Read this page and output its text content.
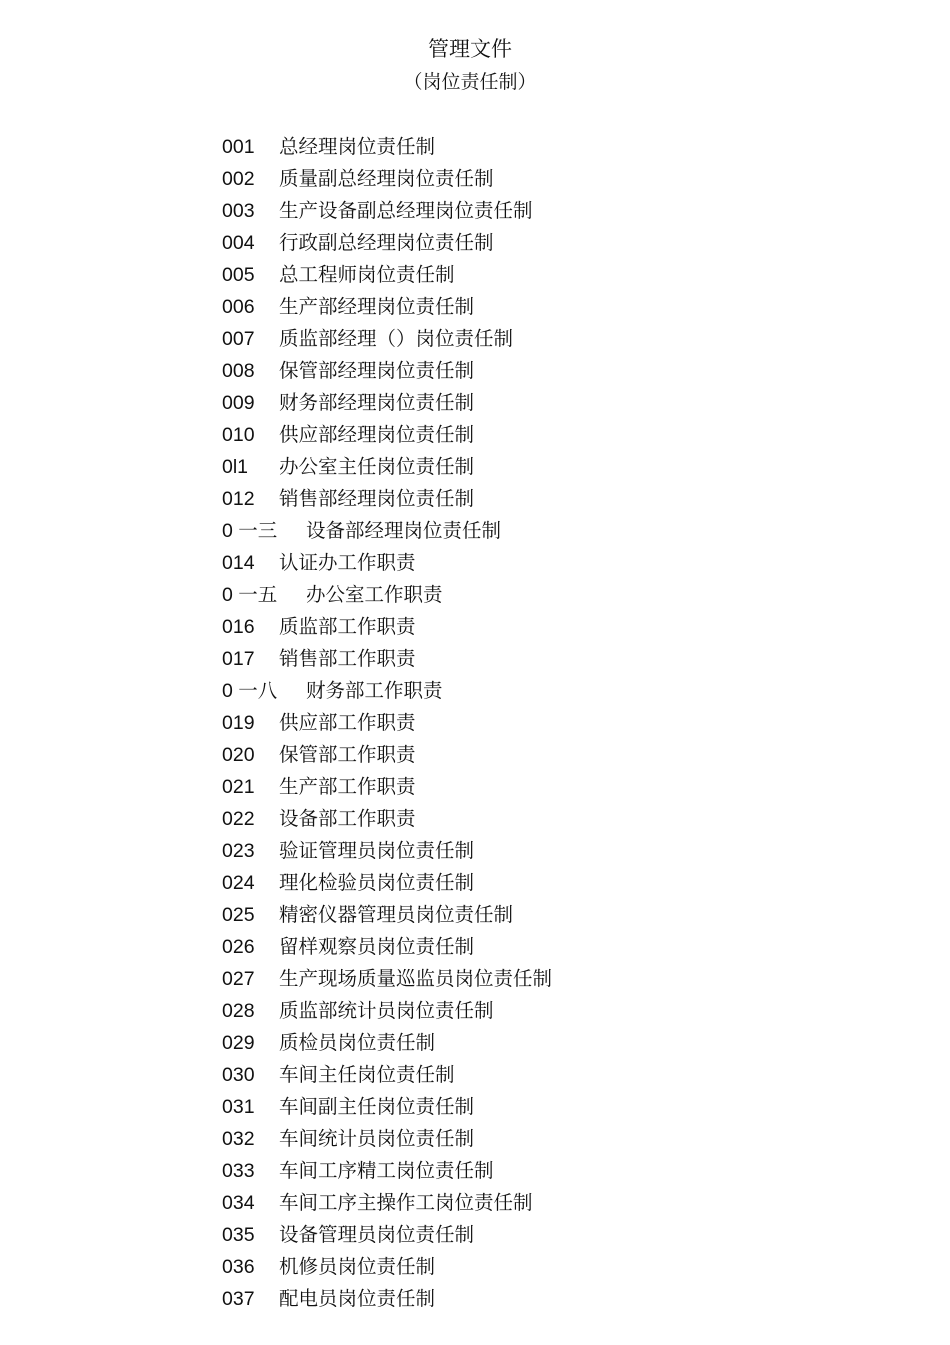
管理文件
（岗位责任制）
001 总经理岗位责任制
002 质量副总经理岗位责任制
003 生产设备副总经理岗位责任制
004 行政副总经理岗位责任制
005 总工程师岗位责任制
006 生产部经理岗位责任制
007 质监部经理（）岗位责任制
008 保管部经理岗位责任制
009 财务部经理岗位责任制
010 供应部经理岗位责任制
0l1 办公室主任岗位责任制
012 销售部经理岗位责任制
0 一三 设备部经理岗位责任制
014 认证办工作职责
0 一五 办公室工作职责
016 质监部工作职责
017 销售部工作职责
0 一八 财务部工作职责
019 供应部工作职责
020 保管部工作职责
021 生产部工作职责
022 设备部工作职责
023 验证管理员岗位责任制
024 理化检验员岗位责任制
025 精密仪器管理员岗位责任制
026 留样观察员岗位责任制
027 生产现场质量巡监员岗位责任制
028 质监部统计员岗位责任制
029 质检员岗位责任制
030 车间主任岗位责任制
031 车间副主任岗位责任制
032 车间统计员岗位责任制
033 车间工序精工岗位责任制
034 车间工序主操作工岗位责任制
035 设备管理员岗位责任制
036 机修员岗位责任制
037 配电员岗位责任制
